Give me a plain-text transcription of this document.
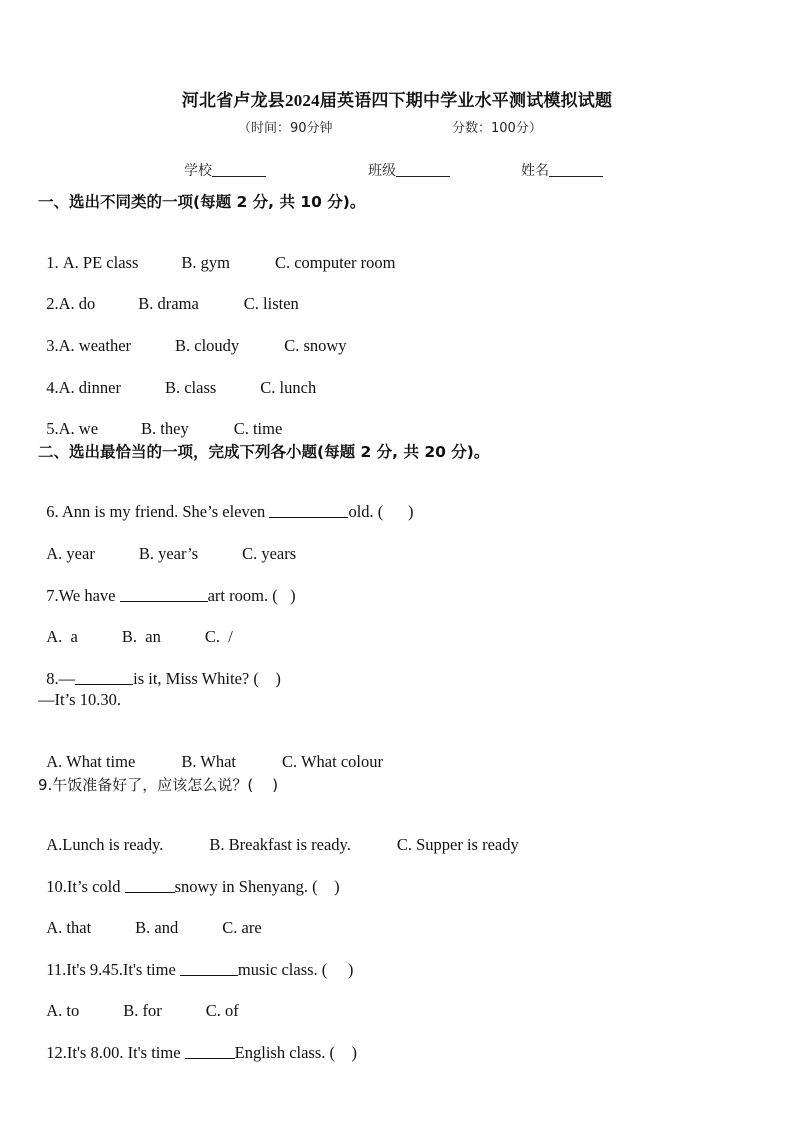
河北省卢龙县2024届英语四下期中学业水平测试模拟试题
（时间：90分钟	分数：100分）
学校	班级	姓名
一、选出不同类的一项(每题 2 分, 共 10 分)。

1. A. PE class	B. gym	C. computer room

2.A. do	B. drama	C. listen

3.A. weather	B. cloudy	C. snowy

4.A. dinner	B. class	C. lunch

5.A. we	B. they	C. time

二、选出最恰当的一项，完成下列各小题(每题 2 分, 共 20 分)。

6. Ann is my friend. She’s eleven	old. (      )

A. year	B. year’s	C. years

7.We have	art room. (   )

A.  a	B.  an	C.  /

8.—	is it, Miss White? (    )

—It’s 10.30.

A. What time	B. What	C. What colour

9.午饭准备好了，应该怎么说？(    )

A.Lunch is ready.	B. Breakfast is ready.	C. Supper is ready

10.It’s cold	snowy in Shenyang. (    )

A. that	B. and	C. are

11.It's 9.45.It's time	music class. (     )

A. to	B. for	C. of

12.It's 8.00. It's time	English class. (    )
